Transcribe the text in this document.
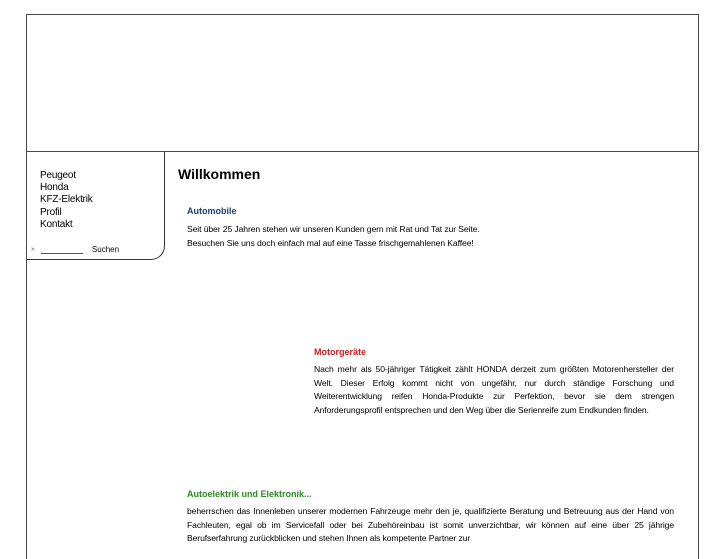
Peugeot
Honda
KFZ-Elektrik
Profil
Kontakt
»	Suchen
Willkommen
Automobile

Seit über 25 Jahren stehen wir unseren Kunden gern mit Rat und Tat zur Seite.

Besuchen Sie uns doch einfach mal auf eine Tasse frischgemahlenen Kaffee!

Motorgeräte

Nach mehr als 50-jähriger Tätigkeit zählt HONDA derzeit zum größten Motorenhersteller der Welt. Dieser Erfolg kommt nicht von ungefähr, nur durch ständige Forschung und Weiterentwicklung reifen Honda-Produkte zur Perfektion, bevor sie dem strengen Anforderungsprofil entsprechen und den Weg über die Serienreife zum Endkunden finden.

Autoelektrik und Elektronik...

beherrschen das Innenleben unserer modernen Fahrzeuge mehr den je, qualifizierte Beratung und Betreuung aus der Hand von Fachleuten, egal ob im Servicefall oder bei Zubehöreinbau ist somit unverzichtbar, wir können auf eine über 25 jährige Berufserfahrung zurückblicken und stehen Ihnen als kompetente Partner zur
